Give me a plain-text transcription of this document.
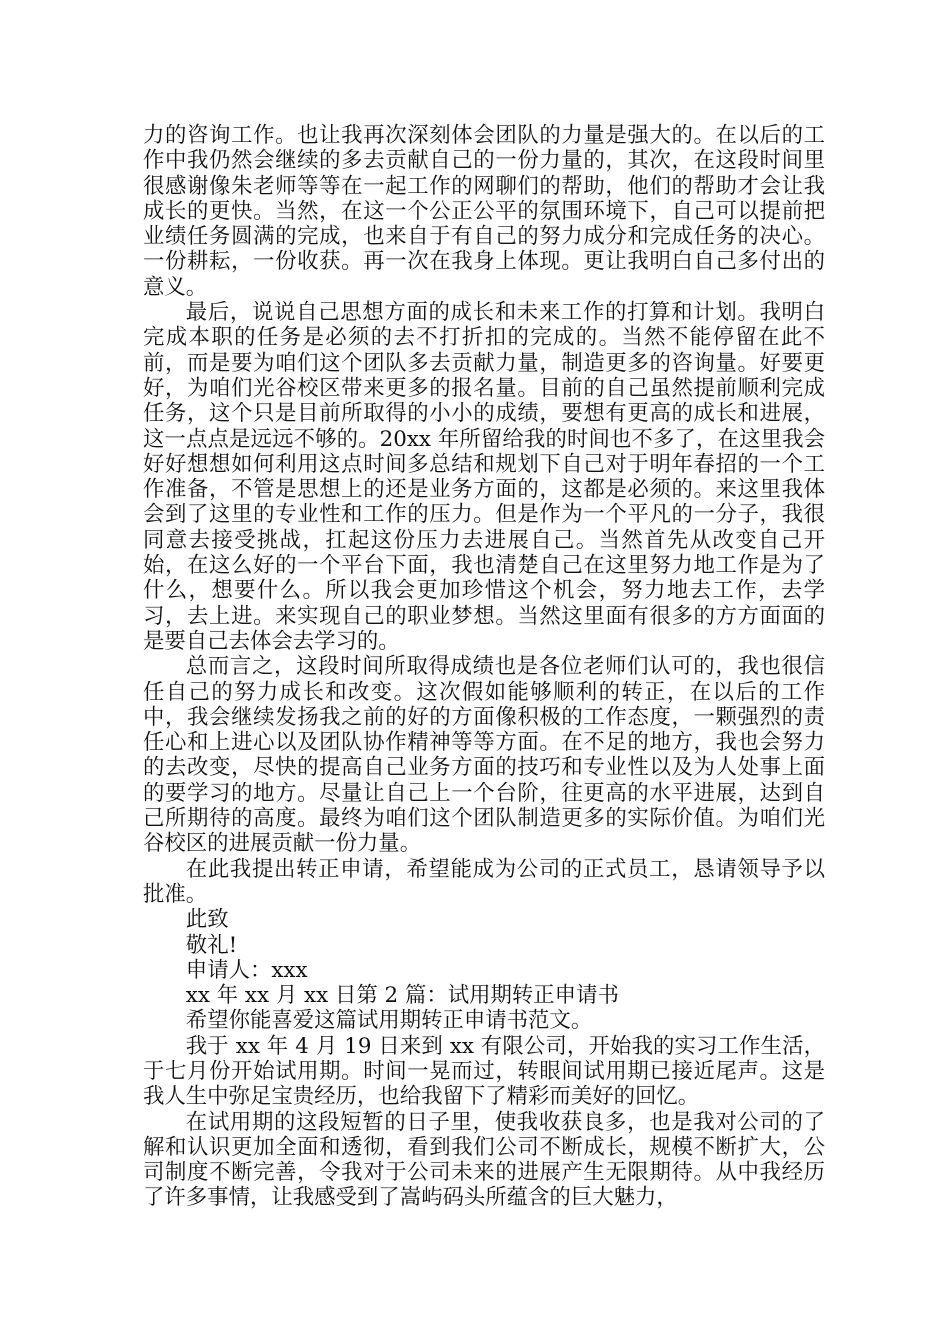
力的咨询工作。也让我再次深刻体会团队的力量是强大的。在以后的工作中我仍然会继续的多去贡献自己的一份力量的，其次，在这段时间里很感谢像朱老师等等在一起工作的网聊们的帮助，他们的帮助才会让我成长的更快。当然，在这一个公正公平的氛围环境下，自己可以提前把业绩任务圆满的完成，也来自于有自己的努力成分和完成任务的决心。一份耕耘，一份收获。再一次在我身上体现。更让我明白自己多付出的意义。

最后，说说自己思想方面的成长和未来工作的打算和计划。我明白完成本职的任务是必须的去不打折扣的完成的。当然不能停留在此不前，而是要为咱们这个团队多去贡献力量，制造更多的咨询量。好要更好，为咱们光谷校区带来更多的报名量。目前的自己虽然提前顺利完成任务，这个只是目前所取得的小小的成绩，要想有更高的成长和进展，这一点点是远远不够的。20xx 年所留给我的时间也不多了，在这里我会好好想想如何利用这点时间多总结和规划下自己对于明年春招的一个工作准备，不管是思想上的还是业务方面的，这都是必须的。来这里我体会到了这里的专业性和工作的压力。但是作为一个平凡的一分子，我很同意去接受挑战，扛起这份压力去进展自己。当然首先从改变自己开始，在这么好的一个平台下面，我也清楚自己在这里努力地工作是为了什么，想要什么。所以我会更加珍惜这个机会，努力地去工作，去学习，去上进。来实现自己的职业梦想。当然这里面有很多的方方面面的是要自己去体会去学习的。

总而言之，这段时间所取得成绩也是各位老师们认可的，我也很信任自己的努力成长和改变。这次假如能够顺利的转正，在以后的工作中，我会继续发扬我之前的好的方面像积极的工作态度，一颗强烈的责任心和上进心以及团队协作精神等等方面。在不足的地方，我也会努力的去改变，尽快的提高自己业务方面的技巧和专业性以及为人处事上面的要学习的地方。尽量让自己上一个台阶，往更高的水平进展，达到自己所期待的高度。最终为咱们这个团队制造更多的实际价值。为咱们光谷校区的进展贡献一份力量。

在此我提出转正申请，希望能成为公司的正式员工，恳请领导予以批准。

此致

敬礼!

申请人：xxx

xx 年 xx 月 xx 日第 2 篇：试用期转正申请书

希望你能喜爱这篇试用期转正申请书范文。

我于 xx 年 4 月 19 日来到 xx 有限公司，开始我的实习工作生活，于七月份开始试用期。时间一晃而过，转眼间试用期已接近尾声。这是我人生中弥足宝贵经历，也给我留下了精彩而美好的回忆。

在试用期的这段短暂的日子里，使我收获良多，也是我对公司的了解和认识更加全面和透彻，看到我们公司不断成长，规模不断扩大，公司制度不断完善，令我对于公司未来的进展产生无限期待。从中我经历了许多事情，让我感受到了嵩屿码头所蕴含的巨大魅力，
